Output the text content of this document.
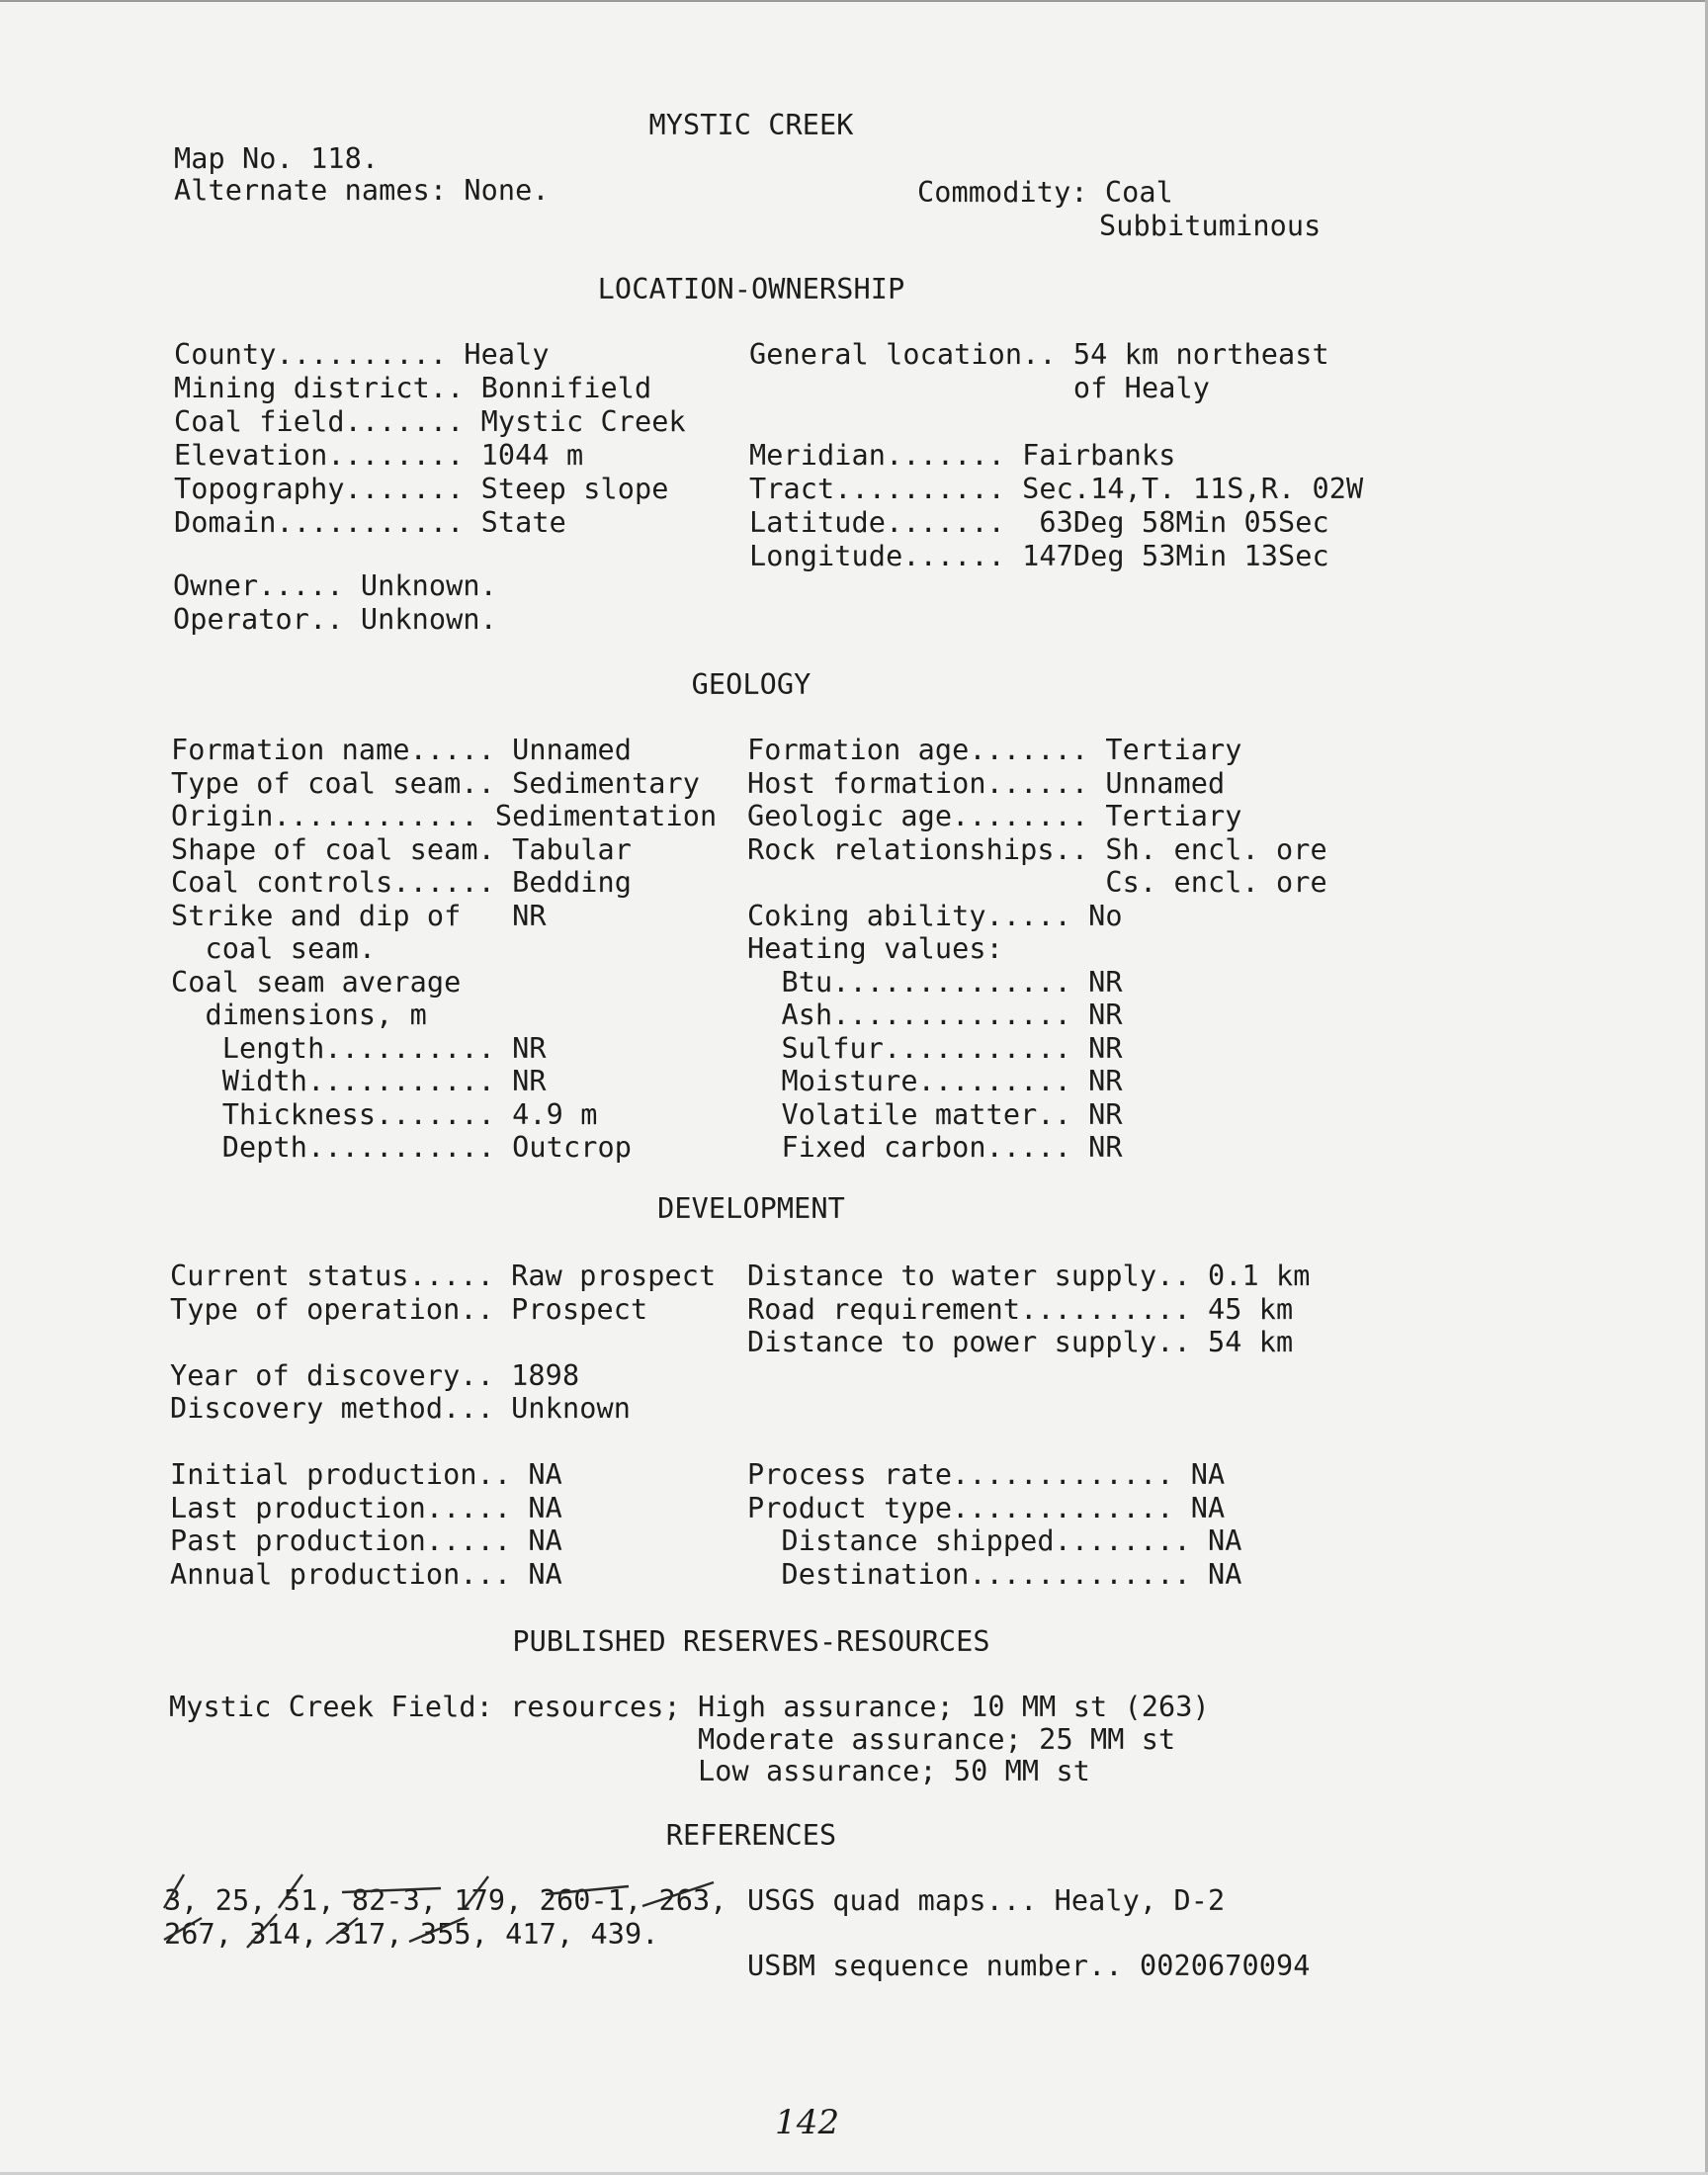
MYSTIC CREEK
Map No. 118.
Alternate names: None.	Commodity: Coal
Subbituminous
LOCATION-OWNERSHIP
County.......... Healy
Mining district.. Bonnifield
Coal field....... Mystic Creek
Elevation........ 1044 m
Topography....... Steep slope
Domain........... State
General location.. 54 km northeast
of Healy
Meridian....... Fairbanks
Tract.......... Sec.14,T. 11S,R. 02W
Latitude.......  63Deg 58Min 05Sec
Longitude...... 147Deg 53Min 13Sec
Owner..... Unknown.
Operator.. Unknown.
GEOLOGY
Formation name..... Unnamed
Type of coal seam.. Sedimentary
Origin............ Sedimentation
Shape of coal seam. Tabular
Coal controls...... Bedding
Strike and dip of   NR
coal seam.
Coal seam average
dimensions, m
Length.......... NR
Width........... NR
Thickness....... 4.9 m
Depth........... Outcrop
Formation age....... Tertiary
Host formation...... Unnamed
Geologic age........ Tertiary
Rock relationships.. Sh. encl. ore
Cs. encl. ore
Coking ability..... No
Heating values:
Btu.............. NR
Ash.............. NR
Sulfur........... NR
Moisture......... NR
Volatile matter.. NR
Fixed carbon..... NR
DEVELOPMENT
Current status..... Raw prospect
Type of operation.. Prospect
Year of discovery.. 1898
Discovery method... Unknown
Initial production.. NA
Last production..... NA
Past production..... NA
Annual production... NA
Distance to water supply.. 0.1 km
Road requirement.......... 45 km
Distance to power supply.. 54 km
Process rate............. NA
Product type............. NA
Distance shipped........ NA
Destination............. NA
PUBLISHED RESERVES-RESOURCES
Mystic Creek Field: resources; High assurance; 10 MM st (263)
Moderate assurance; 25 MM st
Low assurance; 50 MM st
REFERENCES
3, 25, 51, 82-3, 179, 260-1, 263,
267, 314, 317, 355, 417, 439.
USGS quad maps... Healy, D-2
USBM sequence number.. 0020670094
142
